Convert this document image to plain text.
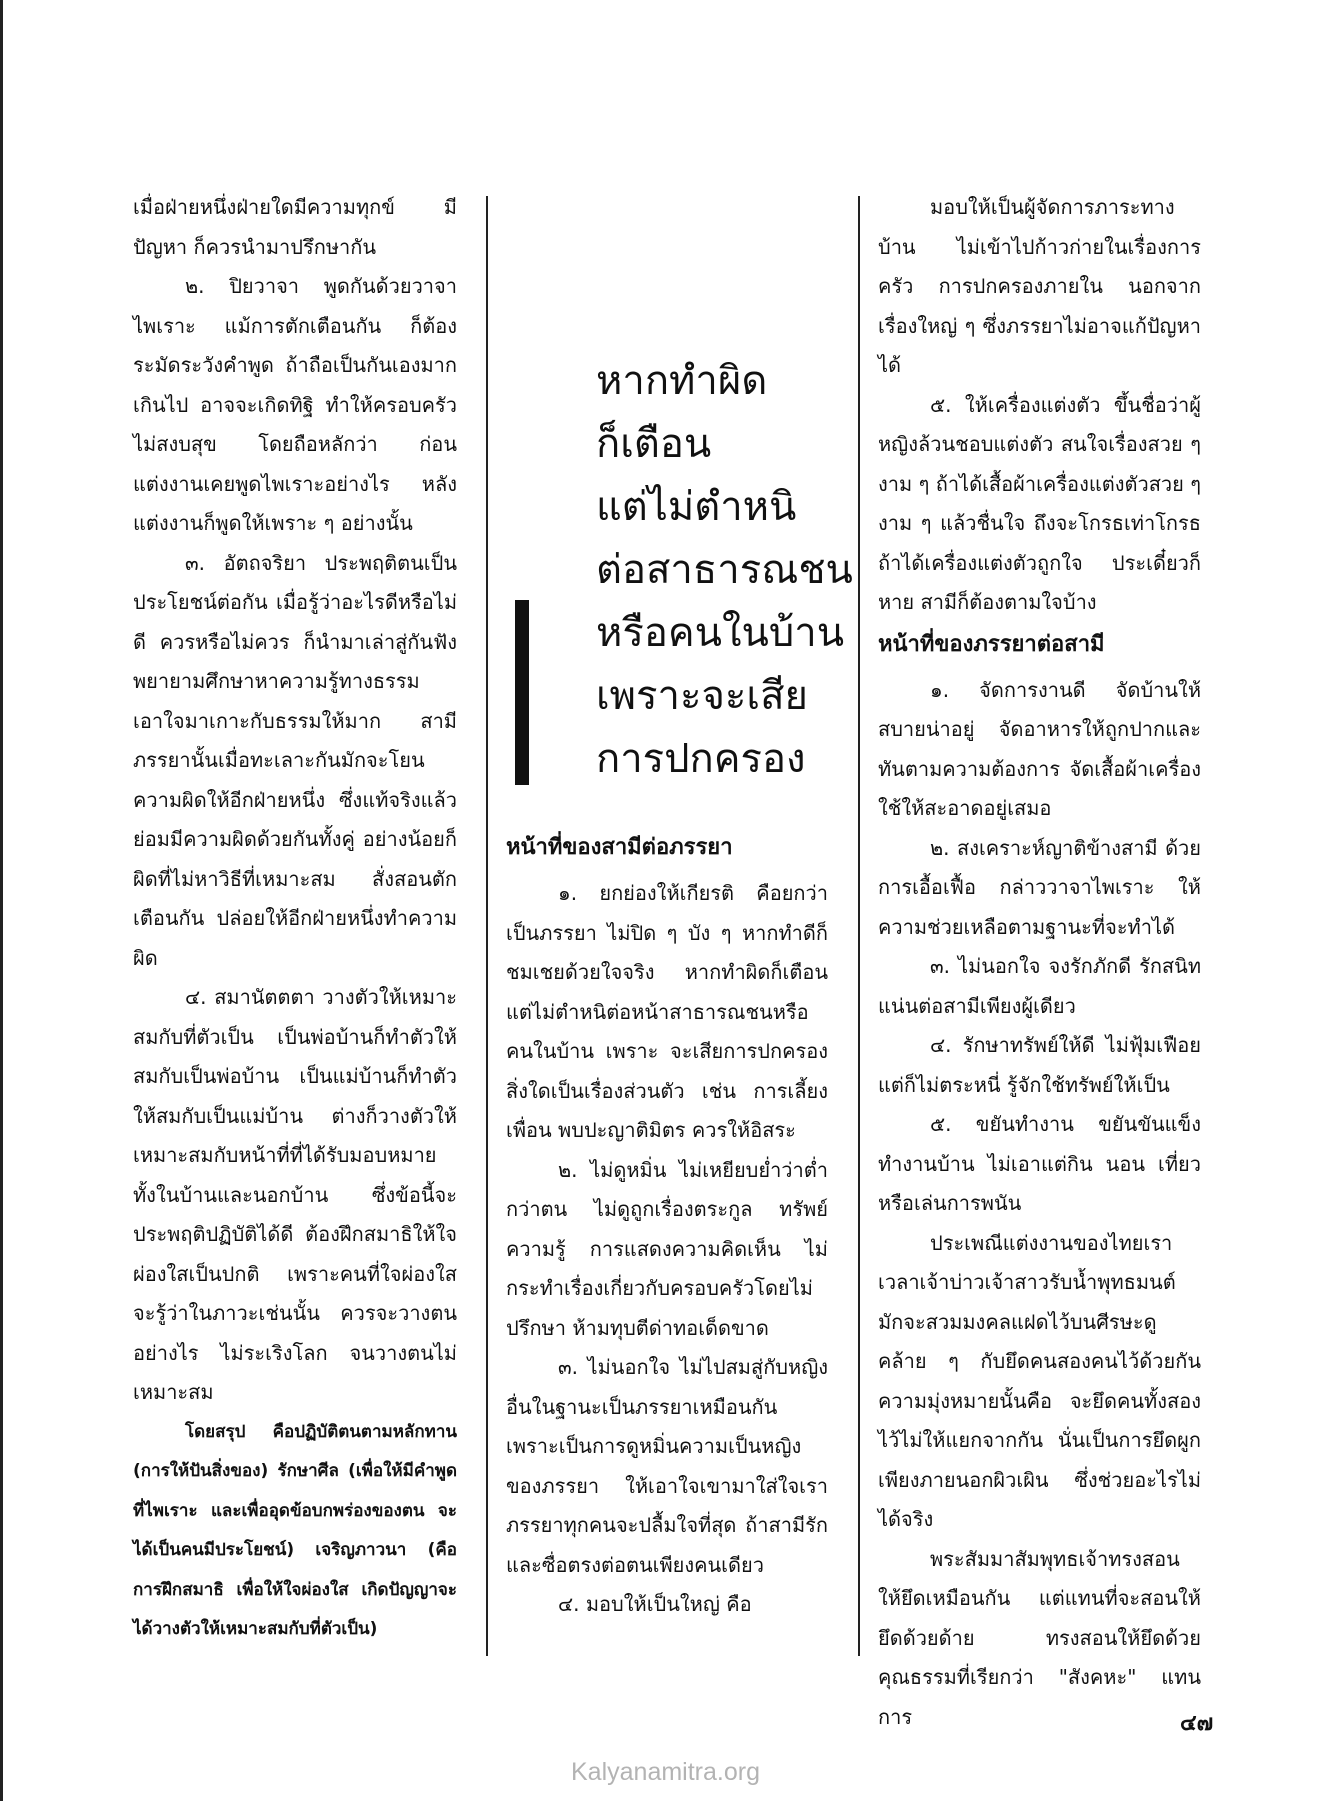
เมื่อฝ่ายหนึ่งฝ่ายใดมีความทุกข์ มีปัญหา ก็ควรนำมาปรึกษากัน

๒. ปิยวาจา พูดกันด้วยวาจาไพเราะ แม้การตักเตือนกัน ก็ต้องระมัดระวังคำพูด ถ้าถือเป็นกันเองมากเกินไป อาจจะเกิดทิฐิ ทำให้ครอบครัวไม่สงบสุข โดยถือหลักว่า ก่อนแต่งงานเคยพูดไพเราะอย่างไร หลังแต่งงานก็พูดให้เพราะ ๆ อย่างนั้น

๓. อัตถจริยา ประพฤติตนเป็นประโยชน์ต่อกัน เมื่อรู้ว่าอะไรดีหรือไม่ดี ควรหรือไม่ควร ก็นำมาเล่าสู่กันฟัง พยายามศึกษาหาความรู้ทางธรรม เอาใจมาเกาะกับธรรมให้มาก สามีภรรยานั้นเมื่อทะเลาะกันมักจะโยนความผิดให้อีกฝ่ายหนึ่ง ซึ่งแท้จริงแล้ว ย่อมมีความผิดด้วยกันทั้งคู่ อย่างน้อยก็ผิดที่ไม่หาวิธีที่เหมาะสม สั่งสอนตักเตือนกัน ปล่อยให้อีกฝ่ายหนึ่งทำความผิด

๔. สมานัตตตา วางตัวให้เหมาะสมกับที่ตัวเป็น เป็นพ่อบ้านก็ทำตัวให้สมกับเป็นพ่อบ้าน เป็นแม่บ้านก็ทำตัวให้สมกับเป็นแม่บ้าน ต่างก็วางตัวให้เหมาะสมกับหน้าที่ที่ได้รับมอบหมายทั้งในบ้านและนอกบ้าน ซึ่งข้อนี้จะประพฤติปฏิบัติได้ดี ต้องฝึกสมาธิให้ใจผ่องใสเป็นปกติ เพราะคนที่ใจผ่องใสจะรู้ว่าในภาวะเช่นนั้น ควรจะวางตนอย่างไร ไม่ระเริงโลก จนวางตนไม่เหมาะสม

โดยสรุป คือปฏิบัติตนตามหลักทาน (การให้ปันสิ่งของ) รักษาศีล (เพื่อให้มีคำพูดที่ไพเราะ และเพื่ออุดข้อบกพร่องของตน จะได้เป็นคนมีประโยชน์) เจริญภาวนา (คือ การฝึกสมาธิ เพื่อให้ใจผ่องใส เกิดปัญญาจะได้วางตัวให้เหมาะสมกับที่ตัวเป็น)

หากทำผิด
ก็เตือน
แต่ไม่ตำหนิ
ต่อสาธารณชน
หรือคนในบ้าน
เพราะจะเสีย
การปกครอง
หน้าที่ของสามีต่อภรรยา

๑. ยกย่องให้เกียรติ คือยกว่าเป็นภรรยา ไม่ปิด ๆ บัง ๆ หากทำดีก็ชมเชยด้วยใจจริง หากทำผิดก็เตือนแต่ไม่ตำหนิต่อหน้าสาธารณชนหรือคนในบ้าน เพราะ จะเสียการปกครอง สิ่งใดเป็นเรื่องส่วนตัว เช่น การเลี้ยงเพื่อน พบปะญาติมิตร ควรให้อิสระ

๒. ไม่ดูหมิ่น ไม่เหยียบย่ำว่าต่ำกว่าตน ไม่ดูถูกเรื่องตระกูล ทรัพย์ ความรู้ การแสดงความคิดเห็น ไม่กระทำเรื่องเกี่ยวกับครอบครัวโดยไม่ปรึกษา ห้ามทุบตีด่าทอเด็ดขาด

๓. ไม่นอกใจ ไม่ไปสมสู่กับหญิงอื่นในฐานะเป็นภรรยาเหมือนกัน เพราะเป็นการดูหมิ่นความเป็นหญิงของภรรยา ให้เอาใจเขามาใส่ใจเรา ภรรยาทุกคนจะปลื้มใจที่สุด ถ้าสามีรักและซื่อตรงต่อตนเพียงคนเดียว

๔. มอบให้เป็นใหญ่ คือ

มอบให้เป็นผู้จัดการภาระทางบ้าน ไม่เข้าไปก้าวก่ายในเรื่องการครัว การปกครองภายใน นอกจากเรื่องใหญ่ ๆ ซึ่งภรรยาไม่อาจแก้ปัญหาได้

๕. ให้เครื่องแต่งตัว ขึ้นชื่อว่าผู้หญิงล้วนชอบแต่งตัว สนใจเรื่องสวย ๆ งาม ๆ ถ้าได้เสื้อผ้าเครื่องแต่งตัวสวย ๆ งาม ๆ แล้วชื่นใจ ถึงจะโกรธเท่าโกรธ ถ้าได้เครื่องแต่งตัวถูกใจ ประเดี๋ยวก็หาย สามีก็ต้องตามใจบ้าง

หน้าที่ของภรรยาต่อสามี

๑. จัดการงานดี จัดบ้านให้สบายน่าอยู่ จัดอาหารให้ถูกปากและทันตามความต้องการ จัดเสื้อผ้าเครื่องใช้ให้สะอาดอยู่เสมอ

๒. สงเคราะห์ญาติข้างสามี ด้วยการเอื้อเฟื้อ กล่าววาจาไพเราะ ให้ความช่วยเหลือตามฐานะที่จะทำได้

๓. ไม่นอกใจ จงรักภักดี รักสนิทแน่นต่อสามีเพียงผู้เดียว

๔. รักษาทรัพย์ให้ดี ไม่ฟุ้มเฟือยแต่ก็ไม่ตระหนี่ รู้จักใช้ทรัพย์ให้เป็น

๕. ขยันทำงาน ขยันขันแข็งทำงานบ้าน ไม่เอาแต่กิน นอน เที่ยว หรือเล่นการพนัน

ประเพณีแต่งงานของไทยเรา เวลาเจ้าบ่าวเจ้าสาวรับน้ำพุทธมนต์ มักจะสวมมงคลแฝดไว้บนศีรษะดูคล้าย ๆ กับยึดคนสองคนไว้ด้วยกัน ความมุ่งหมายนั้นคือ จะยึดคนทั้งสองไว้ไม่ให้แยกจากกัน นั่นเป็นการยึดผูกเพียงภายนอกผิวเผิน ซึ่งช่วยอะไรไม่ได้จริง

พระสัมมาสัมพุทธเจ้าทรงสอนให้ยึดเหมือนกัน แต่แทนที่จะสอนให้ยึดด้วยด้าย ทรงสอนให้ยึดด้วยคุณธรรมที่เรียกว่า "สังคหะ" แทน การ	๔๗
Kalyanamitra.org
